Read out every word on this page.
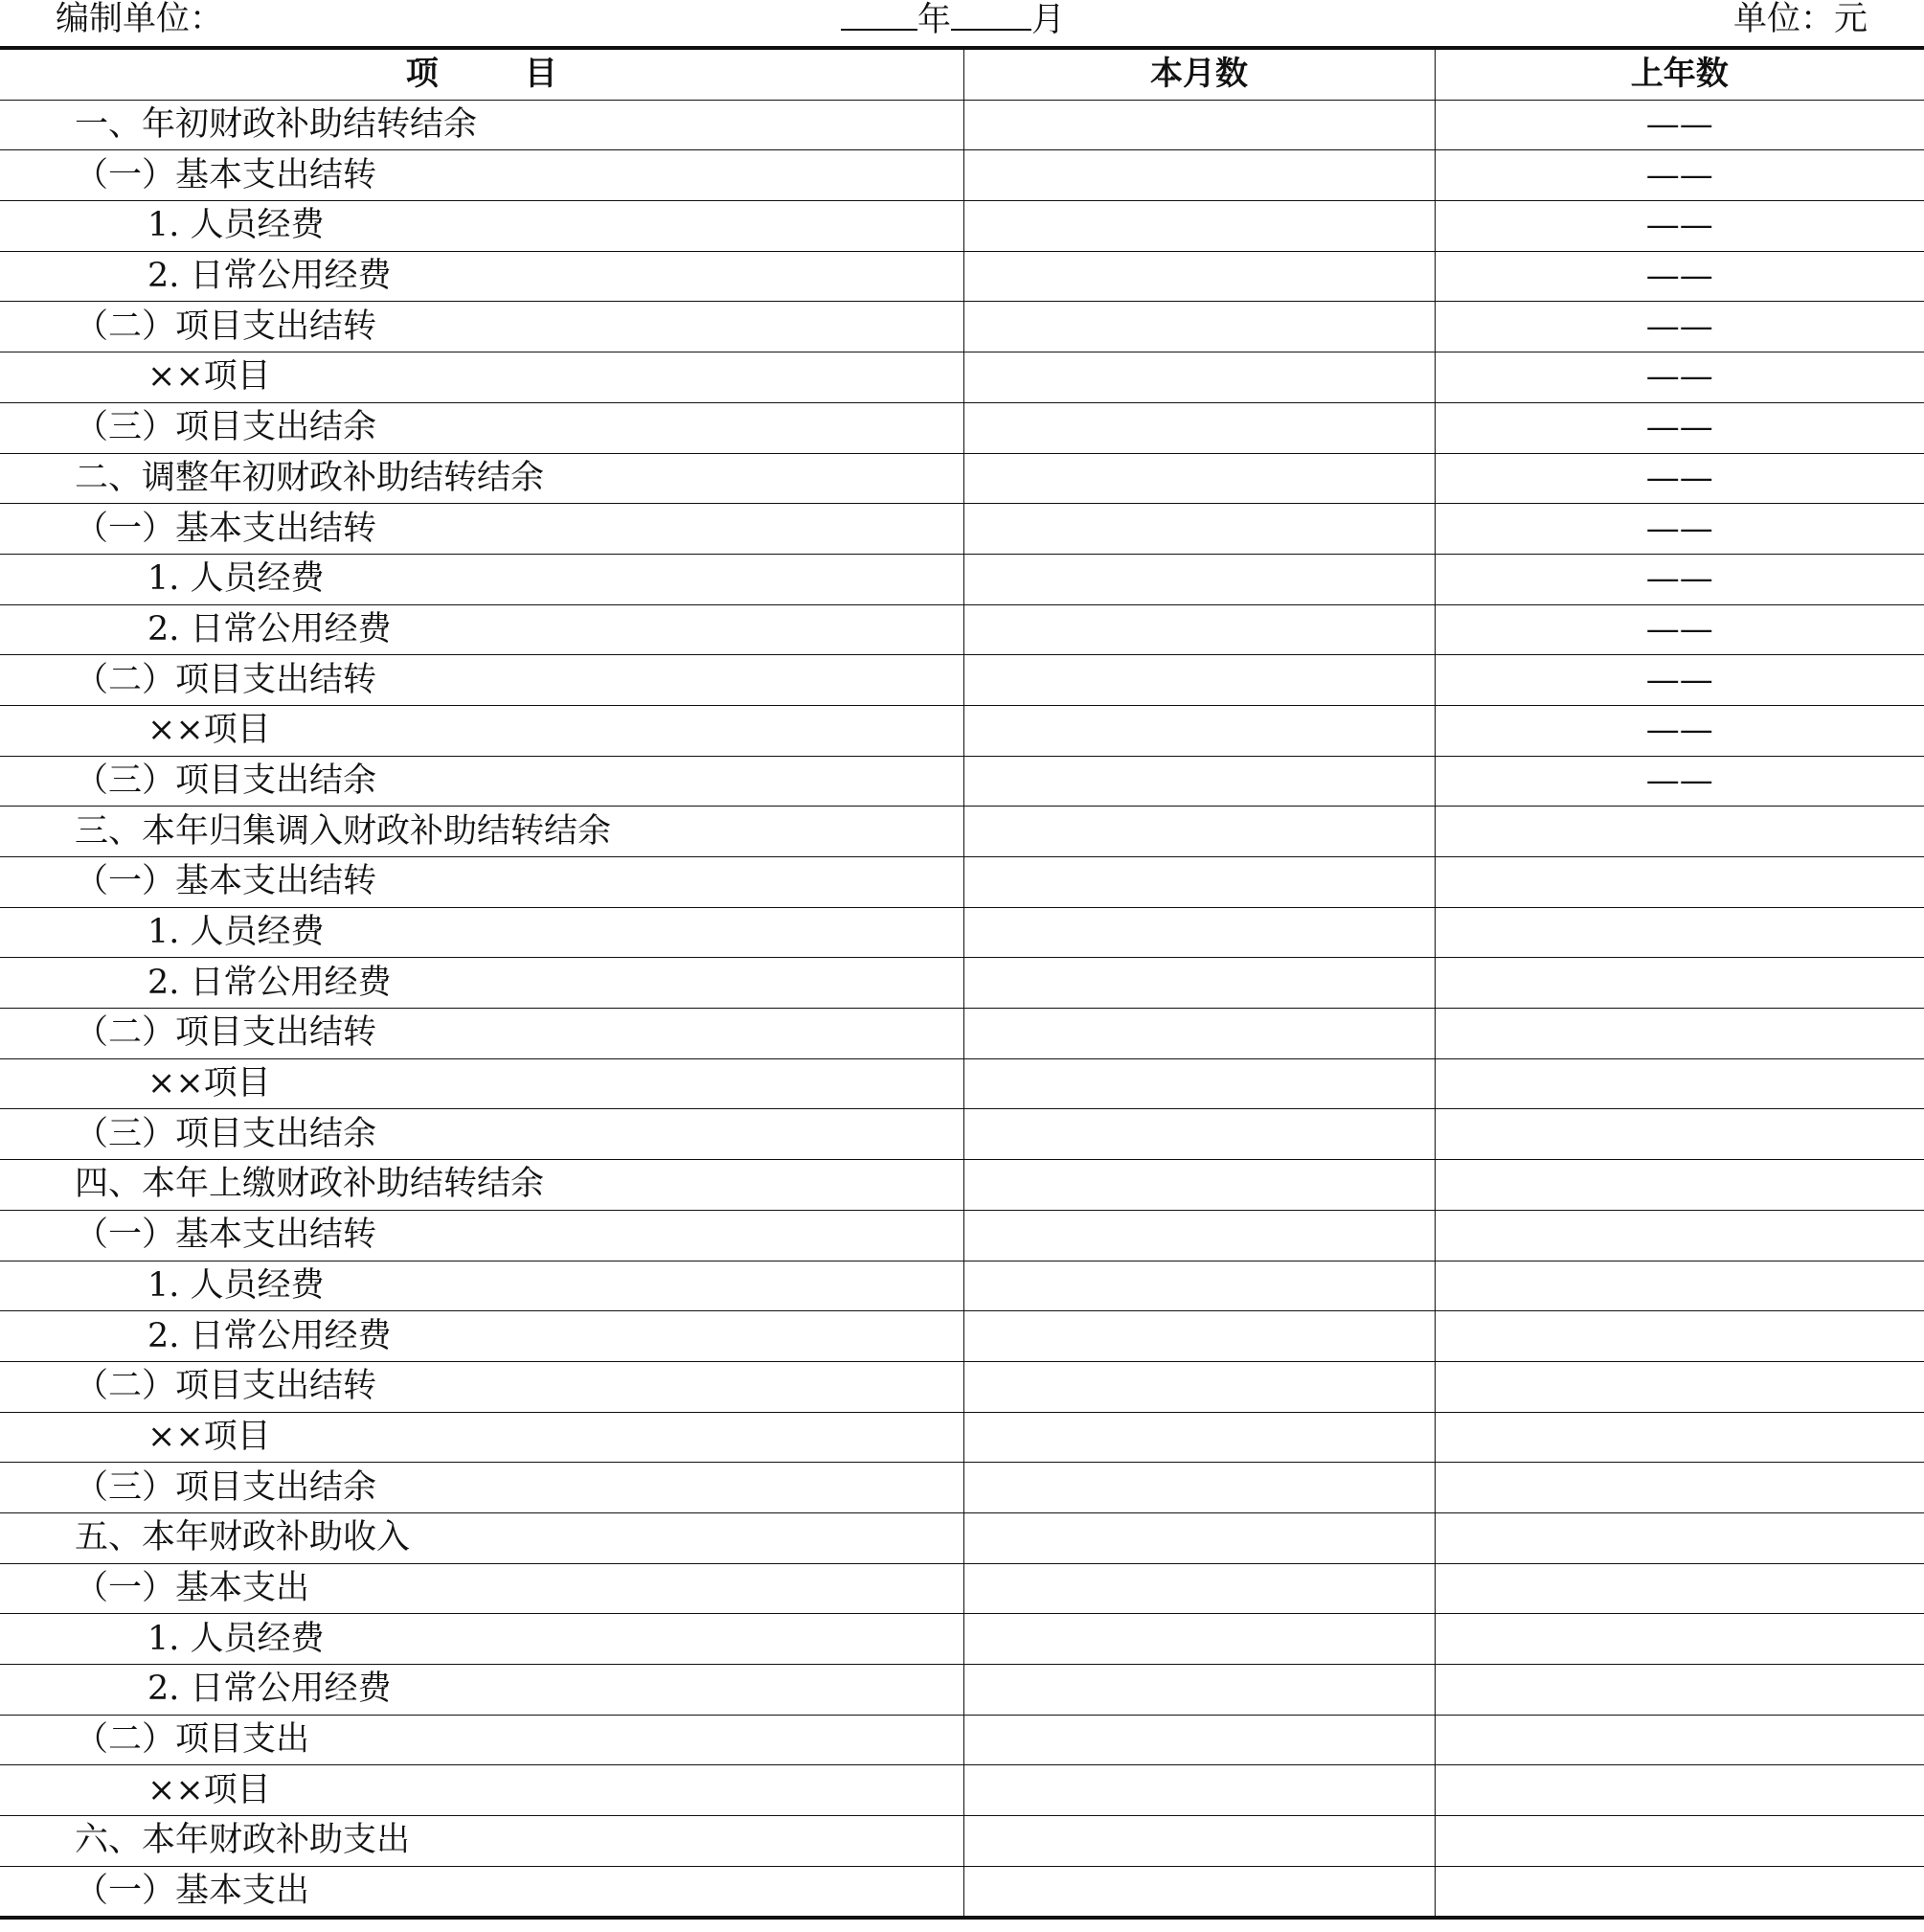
编制单位：	年 月	单位：元
项 目	本月数	上年数
一、年初财政补助结转结余		——
（一）基本支出结转		——
1. 人员经费		——
2. 日常公用经费		——
（二）项目支出结转		——
××项目		——
（三）项目支出结余		——
二、调整年初财政补助结转结余		——
（一）基本支出结转		——
1. 人员经费		——
2. 日常公用经费		——
（二）项目支出结转		——
××项目		——
（三）项目支出结余		——
三、本年归集调入财政补助结转结余		
（一）基本支出结转		
1. 人员经费		
2. 日常公用经费		
（二）项目支出结转		
××项目		
（三）项目支出结余		
四、本年上缴财政补助结转结余		
（一）基本支出结转		
1. 人员经费		
2. 日常公用经费		
（二）项目支出结转		
××项目		
（三）项目支出结余		
五、本年财政补助收入		
（一）基本支出		
1. 人员经费		
2. 日常公用经费		
（二）项目支出		
××项目		
六、本年财政补助支出		
（一）基本支出		
